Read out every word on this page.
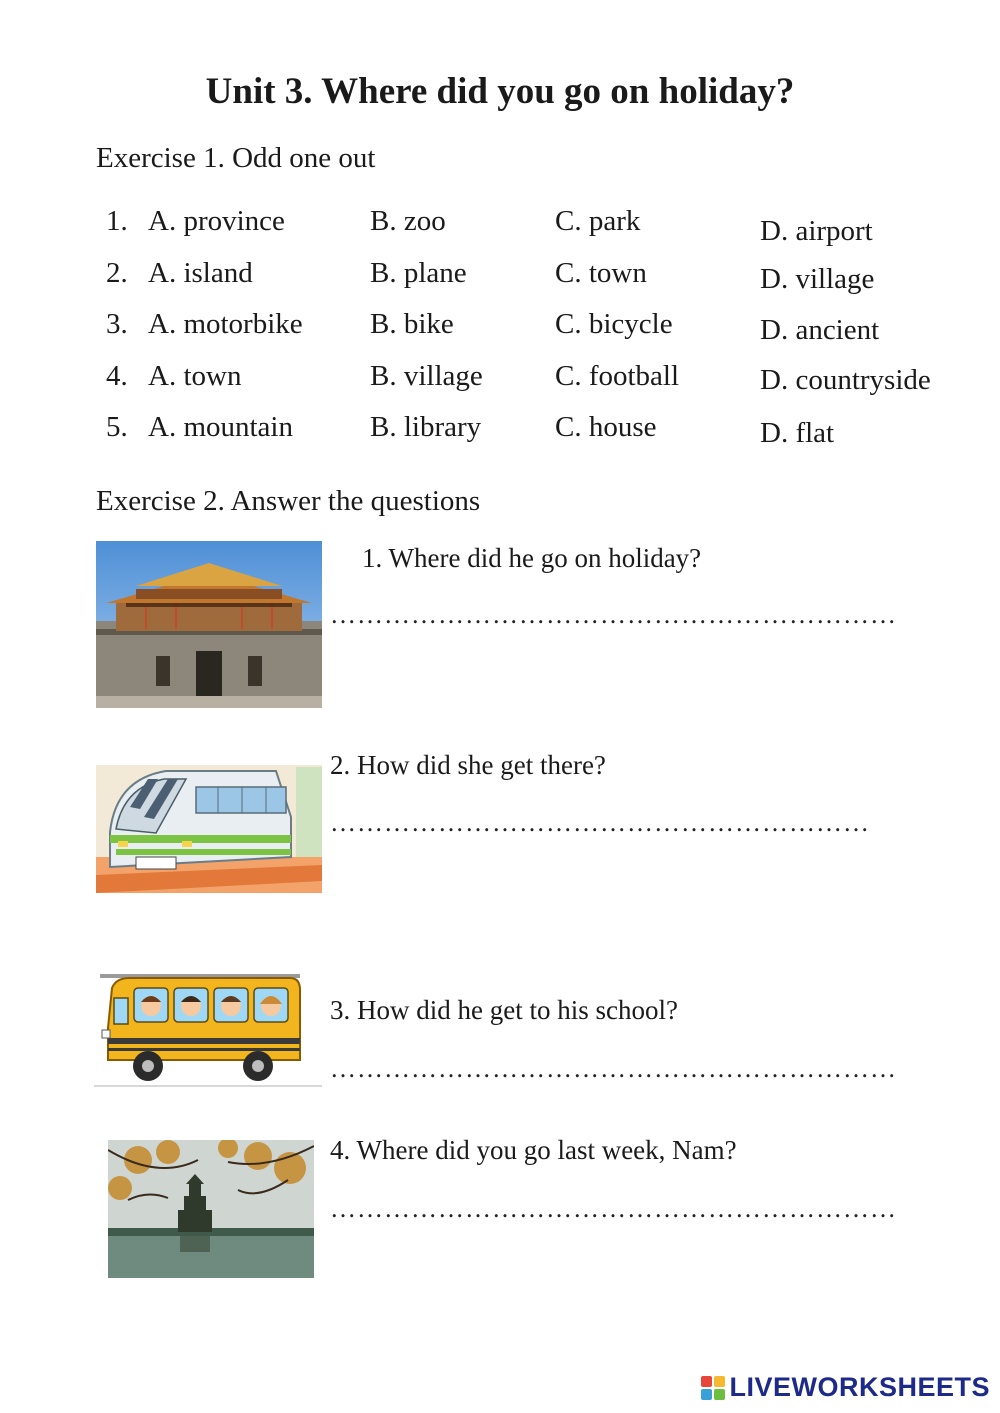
Unit 3. Where did you go on holiday?
Exercise 1. Odd one out
1. A. province	B. zoo	C. park	D. airport
2. A. island	B. plane	C. town	D. village
3. A. motorbike B. bike	C. bicycle	D. ancient
4. A. town	B. village C. football	D. countryside
5. A. mountain	B. library	C. house	D. flat
Exercise 2. Answer the questions
1. Where did he go on holiday?
………………………………………………………
2. How did she get there?
……………………………………………………
3. How did he get to his school?
………………………………………………………
4. Where did you go last week, Nam?
………………………………………………………
LIVEWORKSHEETS
